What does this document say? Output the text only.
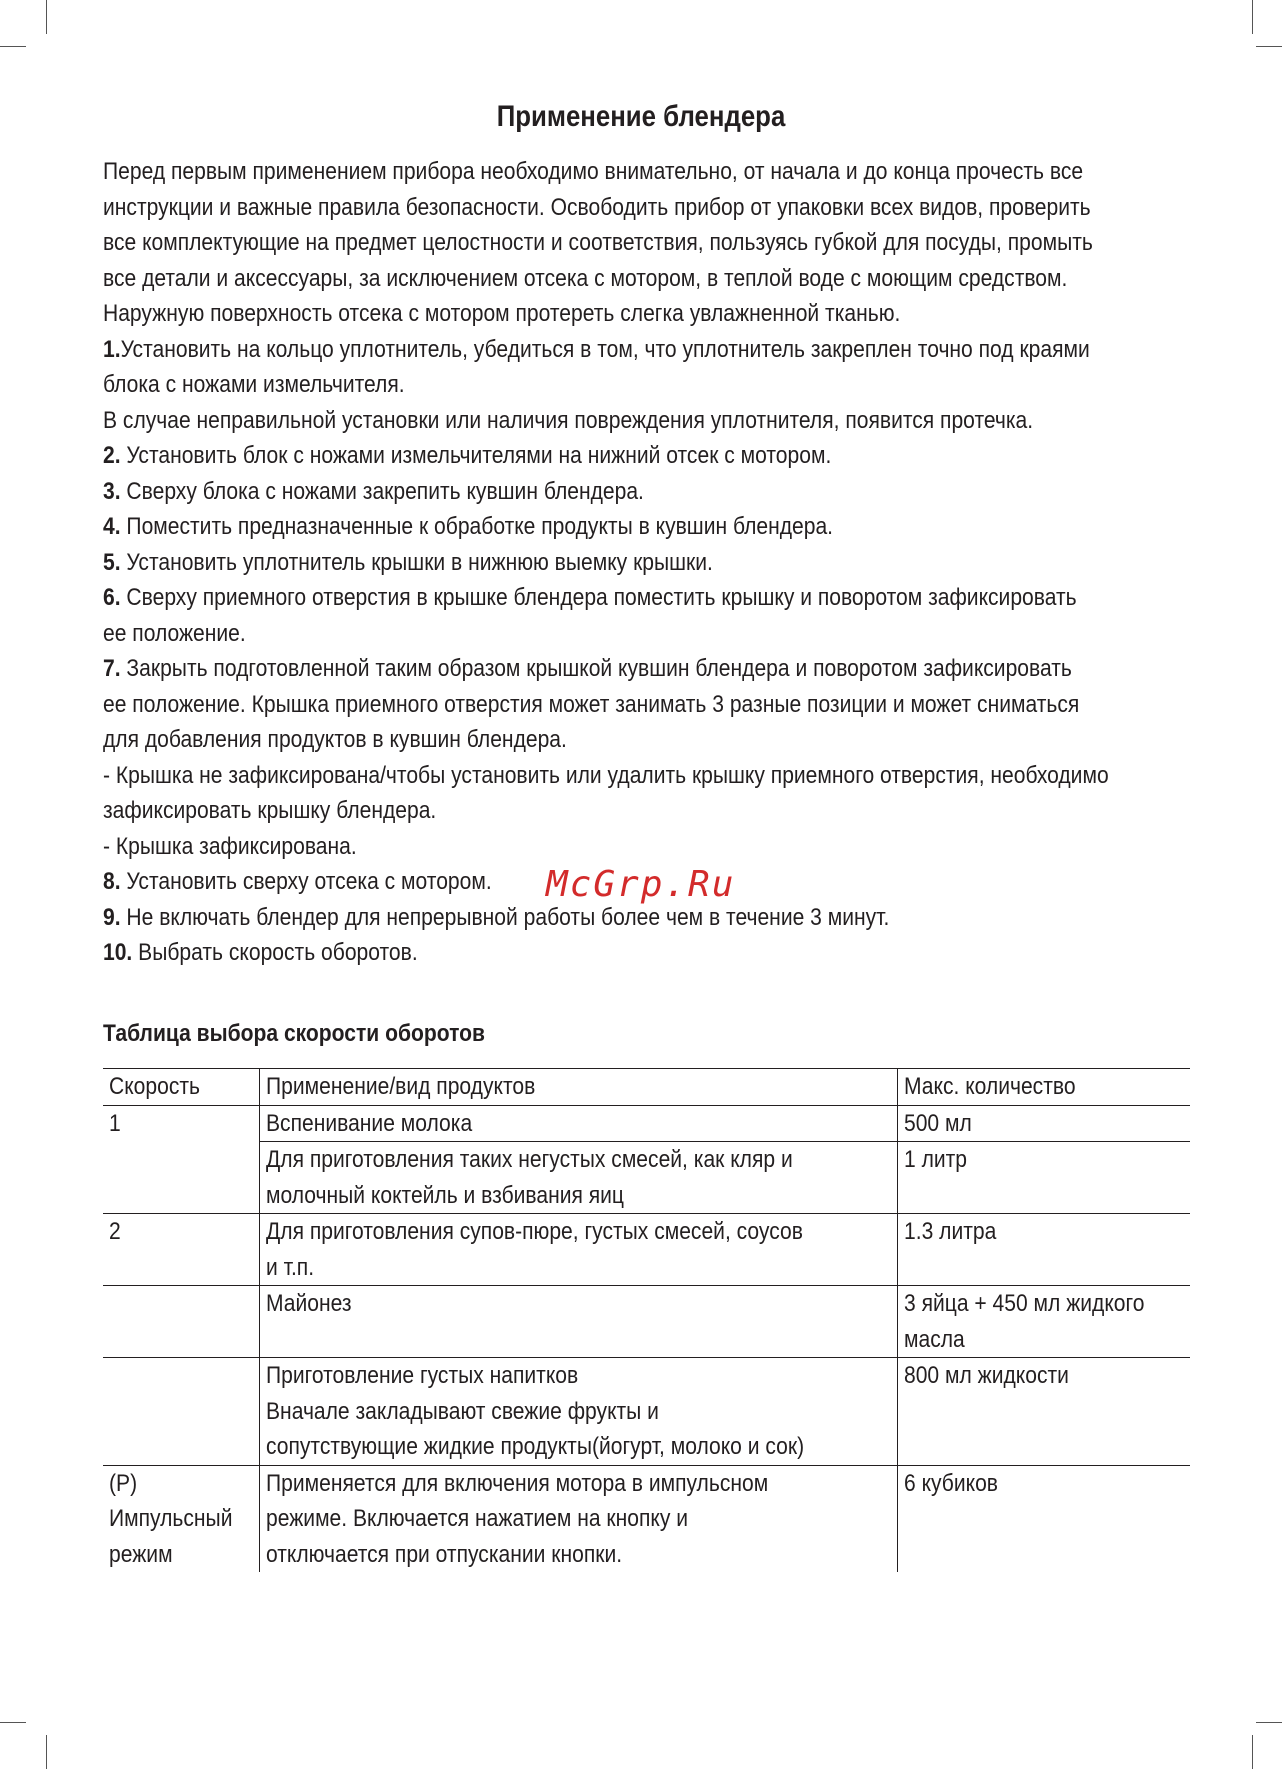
Применение блендера

Перед первым применением прибора необходимо внимательно, от начала и до конца прочесть все

инструкции и важные правила безопасности. Освободить прибор от упаковки всех видов, проверить

все комплектующие на предмет целостности и соответствия, пользуясь губкой для посуды, промыть

все детали и аксессуары, за исключением отсека с мотором, в теплой воде с моющим средством.

Наружную поверхность отсека с мотором протереть слегка увлажненной тканью.

1.Установить на кольцо уплотнитель, убедиться в том, что уплотнитель закреплен точно под краями

блока с ножами измельчителя.

В случае неправильной установки или наличия повреждения уплотнителя, появится протечка.

2. Установить блок с ножами измельчителями на нижний отсек с мотором.

3. Сверху блока с ножами закрепить кувшин блендера.

4. Поместить предназначенные к обработке продукты в кувшин блендера.

5. Установить уплотнитель крышки в нижнюю выемку крышки.

6. Сверху приемного отверстия в крышке блендера поместить крышку и поворотом зафиксировать

ее положение.

7. Закрыть подготовленной таким образом крышкой кувшин блендера и поворотом зафиксировать

ее положение. Крышка приемного отверстия может занимать 3 разные позиции и может сниматься

для добавления продуктов в кувшин блендера.

- Крышка не зафиксирована/чтобы установить или удалить крышку приемного отверстия, необходимо

зафиксировать крышку блендера.

- Крышка зафиксирована.

8. Установить сверху отсека с мотором.

9. Не включать блендер для непрерывной работы более чем в течение 3 минут.

10. Выбрать скорость оборотов.

McGrp.Ru
Таблица выбора скорости оборотов
Скорость	Применение/вид продуктов	Макс. количество

1	Вспенивание молока	500 мл

	Для приготовления таких негустых смесей, как кляр и
молочный коктейль и взбивания яиц	1 литр

2	Для приготовления супов-пюре, густых смесей, соусов
и т.п.	1.3 литра

	Майонез	3 яйца + 450 мл жидкого
масла

	Приготовление густых напитков
Вначале закладывают свежие фрукты и
сопутствующие жидкие продукты(йогурт, молоко и сок)	800 мл жидкости

(P)
Импульсный
режим	Применяется для включения мотора в импульсном
режиме. Включается нажатием на кнопку и
отключается при отпускании кнопки.	6 кубиков
